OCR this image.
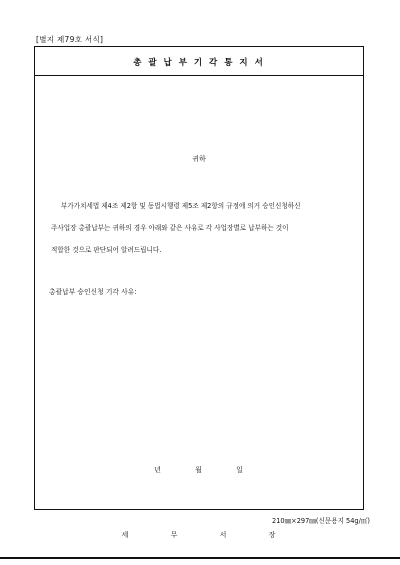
[별지 제79호 서식]
총 괄 납 부 기 각 통 지 서
귀하
부가가치세법 제4조 제2항 및 동법시행령 제5조 제2항의 규정에 의거 승인신청하신
주사업장 총괄납부는 귀하의 경우 아래와 같은 사유로 각 사업장별로 납부하는 것이
적합한 것으로 판단되어 알려드립니다.
총괄납부 승인신청 기각 사유:
년	월	일
세	무	서	장
210㎜×297㎜(신문용지 54g/㎡)
